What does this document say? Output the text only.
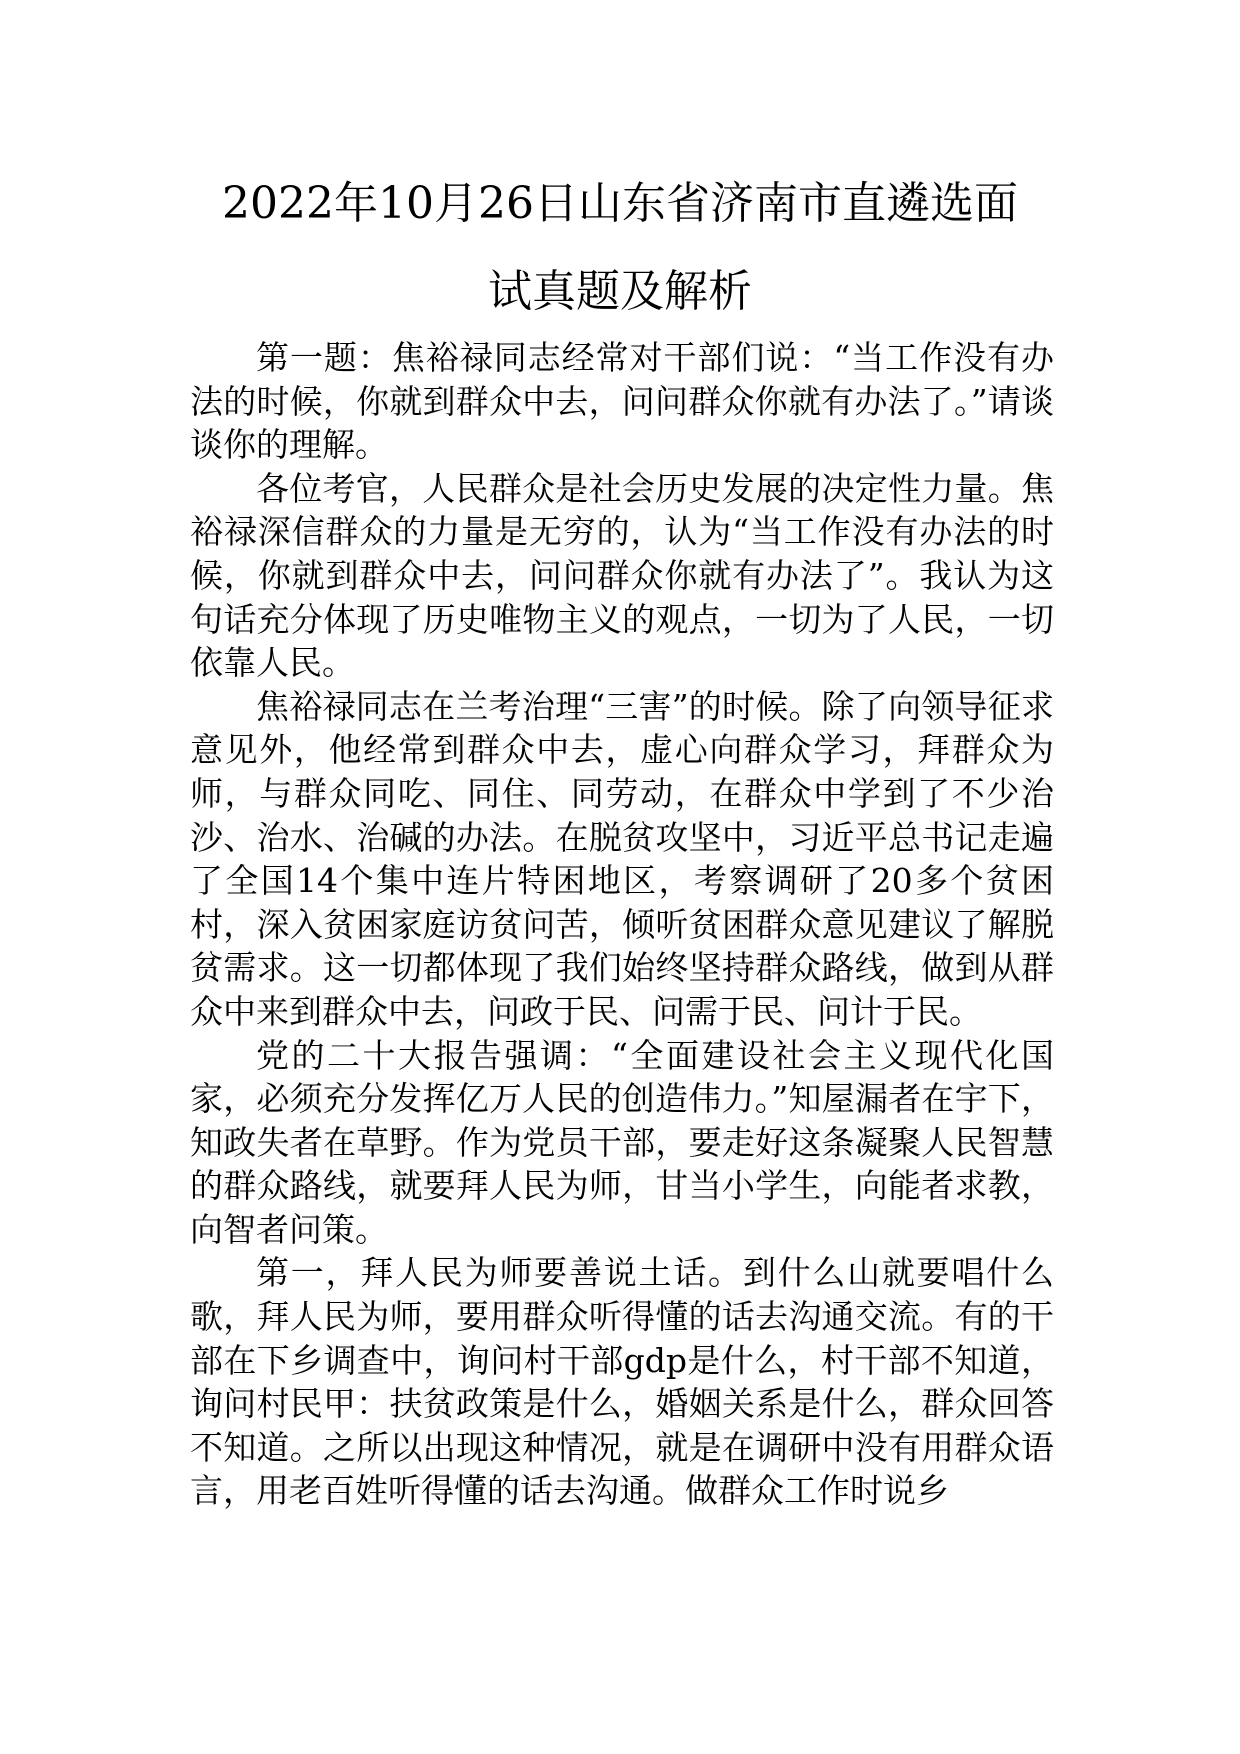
2022年10月26日山东省济南市直遴选面
试真题及解析

第一题：焦裕禄同志经常对干部们说：“当工作没有办法的时候，你就到群众中去，问问群众你就有办法了。”请谈谈你的理解。

各位考官，人民群众是社会历史发展的决定性力量。焦裕禄深信群众的力量是无穷的，认为“当工作没有办法的时候，你就到群众中去，问问群众你就有办法了”。我认为这句话充分体现了历史唯物主义的观点，一切为了人民，一切依靠人民。

焦裕禄同志在兰考治理“三害”的时候。除了向领导征求意见外，他经常到群众中去，虚心向群众学习，拜群众为师，与群众同吃、同住、同劳动，在群众中学到了不少治沙、治水、治碱的办法。在脱贫攻坚中，习近平总书记走遍了全国14个集中连片特困地区，考察调研了20多个贫困村，深入贫困家庭访贫问苦，倾听贫困群众意见建议了解脱贫需求。这一切都体现了我们始终坚持群众路线，做到从群众中来到群众中去，问政于民、问需于民、问计于民。

党的二十大报告强调：“全面建设社会主义现代化国家，必须充分发挥亿万人民的创造伟力。”知屋漏者在宇下，知政失者在草野。作为党员干部，要走好这条凝聚人民智慧的群众路线，就要拜人民为师，甘当小学生，向能者求教，向智者问策。

第一，拜人民为师要善说土话。到什么山就要唱什么歌，拜人民为师，要用群众听得懂的话去沟通交流。有的干部在下乡调查中，询问村干部gdp是什么，村干部不知道，询问村民甲：扶贫政策是什么，婚姻关系是什么，群众回答不知道。之所以出现这种情况，就是在调研中没有用群众语言，用老百姓听得懂的话去沟通。做群众工作时说乡
